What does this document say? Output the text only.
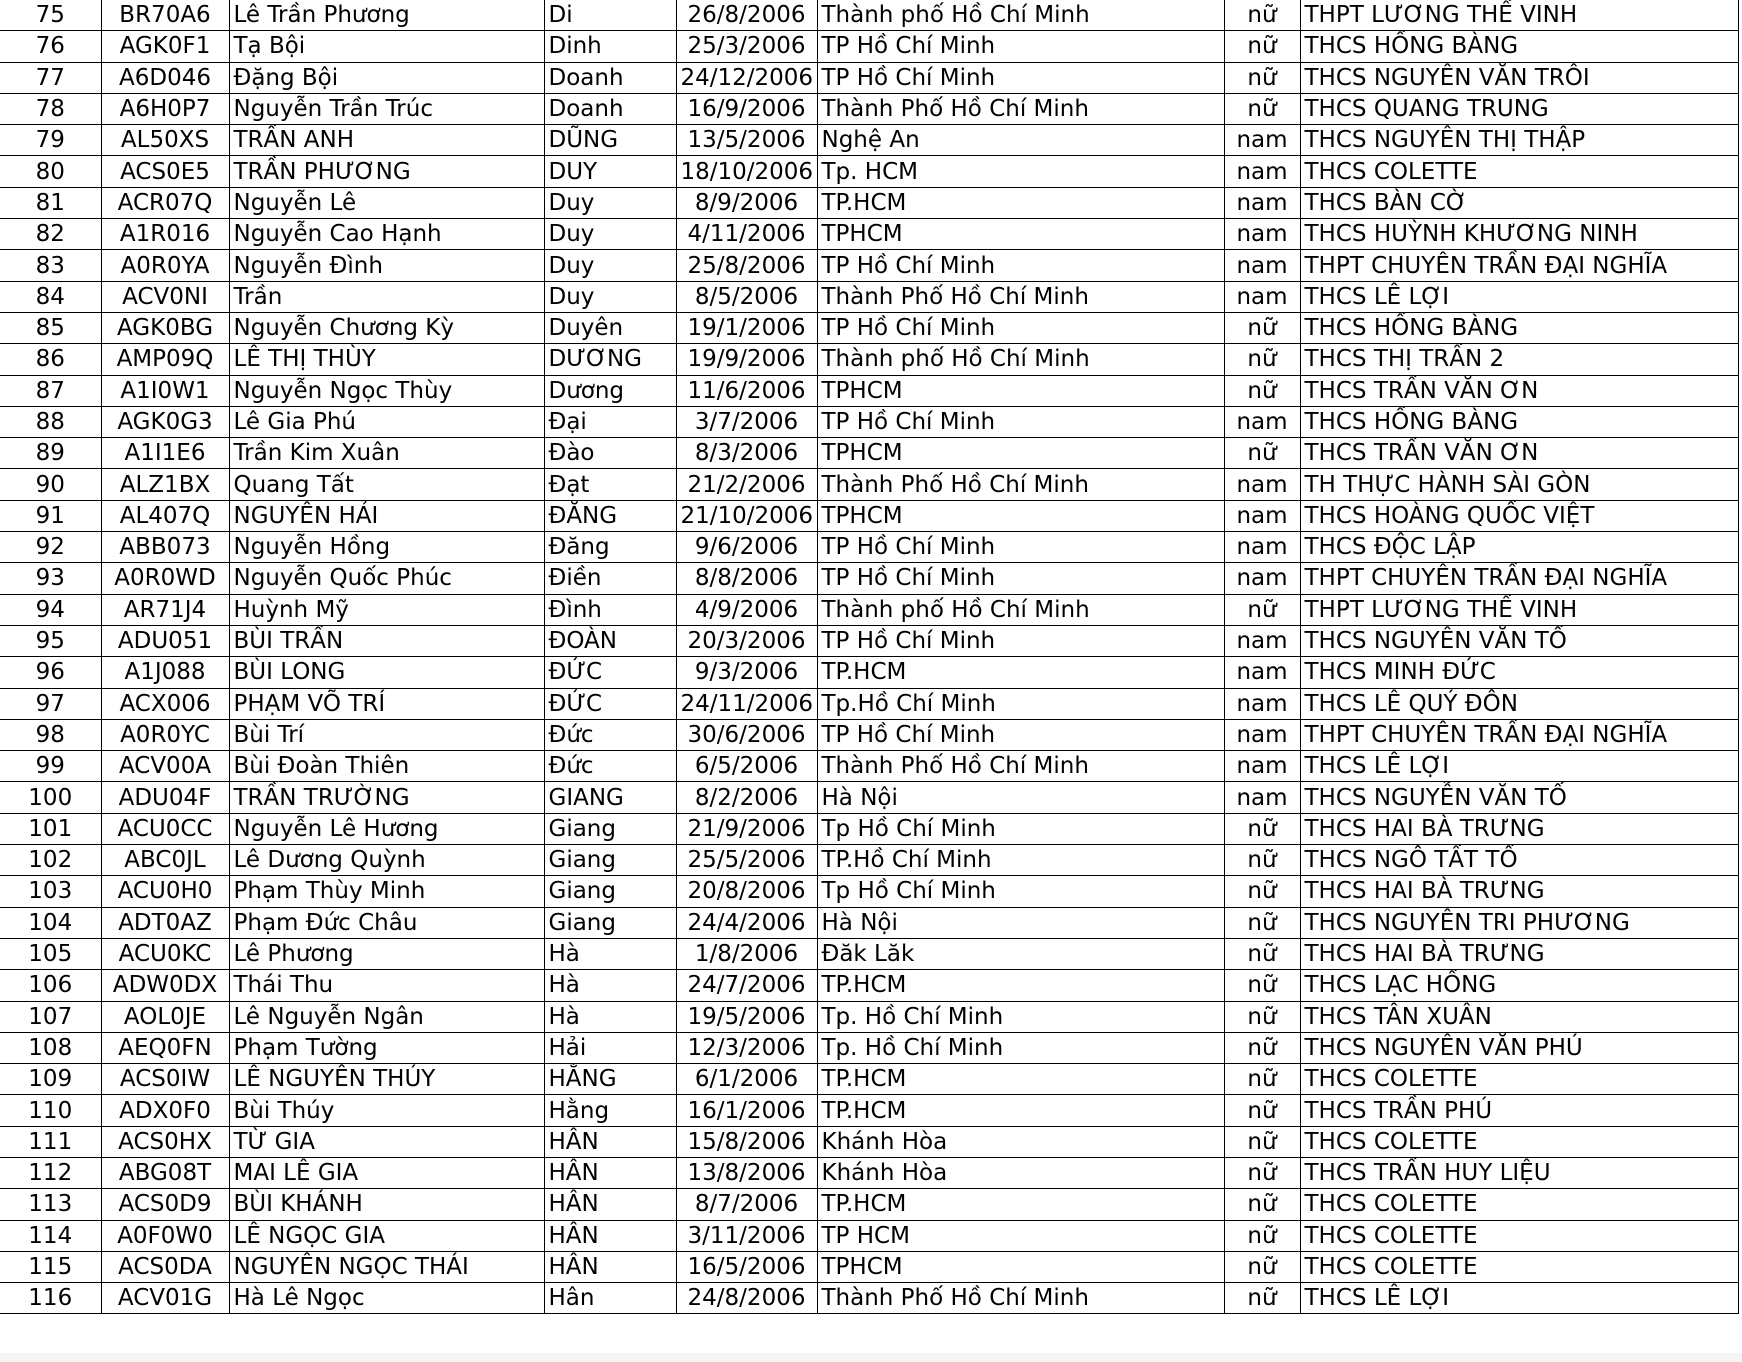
75	BR70A6	Lê Trần Phương	Di	26/8/2006	Thành phố Hồ Chí Minh	nữ	THPT LƯƠNG THẾ VINH
76	AGK0F1	Tạ Bội	Dinh	25/3/2006	TP Hồ Chí Minh	nữ	THCS HỒNG BÀNG
77	A6D046	Đặng Bội	Doanh	24/12/2006	TP Hồ Chí Minh	nữ	THCS NGUYỄN VĂN TRỖI
78	A6H0P7	Nguyễn Trần Trúc	Doanh	16/9/2006	Thành Phố Hồ Chí Minh	nữ	THCS QUANG TRUNG
79	AL50XS	TRẦN ANH	DŨNG	13/5/2006	Nghệ An	nam	THCS NGUYỄN THỊ THẬP
80	ACS0E5	TRẦN PHƯƠNG	DUY	18/10/2006	Tp. HCM	nam	THCS COLETTE
81	ACR07Q	Nguyễn Lê	Duy	8/9/2006	TP.HCM	nam	THCS BÀN CỜ
82	A1R016	Nguyễn Cao Hạnh	Duy	4/11/2006	TPHCM	nam	THCS HUỲNH KHƯƠNG NINH
83	A0R0YA	Nguyễn Đình	Duy	25/8/2006	TP Hồ Chí Minh	nam	THPT CHUYÊN TRẦN ĐẠI NGHĨA
84	ACV0NI	Trần	Duy	8/5/2006	Thành Phố Hồ Chí Minh	nam	THCS LÊ LỢI
85	AGK0BG	Nguyễn Chương Kỳ	Duyên	19/1/2006	TP Hồ Chí Minh	nữ	THCS HỒNG BÀNG
86	AMP09Q	LÊ THỊ THÙY	DƯƠNG	19/9/2006	Thành phố Hồ Chí Minh	nữ	THCS THỊ TRẤN 2
87	A1I0W1	Nguyễn Ngọc Thùy	Dương	11/6/2006	TPHCM	nữ	THCS TRẦN VĂN ƠN
88	AGK0G3	Lê Gia Phú	Đại	3/7/2006	TP Hồ Chí Minh	nam	THCS HỒNG BÀNG
89	A1I1E6	Trần Kim Xuân	Đào	8/3/2006	TPHCM	nữ	THCS TRẦN VĂN ƠN
90	ALZ1BX	Quang Tất	Đạt	21/2/2006	Thành Phố Hồ Chí Minh	nam	TH THỰC HÀNH SÀI GÒN
91	AL407Q	NGUYỄN HẢI	ĐĂNG	21/10/2006	TPHCM	nam	THCS HOÀNG QUỐC VIỆT
92	ABB073	Nguyễn Hồng	Đăng	9/6/2006	TP Hồ Chí Minh	nam	THCS ĐỘC LẬP
93	A0R0WD	Nguyễn Quốc Phúc	Điền	8/8/2006	TP Hồ Chí Minh	nam	THPT CHUYÊN TRẦN ĐẠI NGHĨA
94	AR71J4	Huỳnh Mỹ	Đình	4/9/2006	Thành phố Hồ Chí Minh	nữ	THPT LƯƠNG THẾ VINH
95	ADU051	BÙI TRẦN	ĐOÀN	20/3/2006	TP Hồ Chí Minh	nam	THCS NGUYỄN VĂN TỐ
96	A1J088	BÙI LONG	ĐỨC	9/3/2006	TP.HCM	nam	THCS MINH ĐỨC
97	ACX006	PHẠM VÕ TRÍ	ĐỨC	24/11/2006	Tp.Hồ Chí Minh	nam	THCS LÊ QUÝ ĐÔN
98	A0R0YC	Bùi Trí	Đức	30/6/2006	TP Hồ Chí Minh	nam	THPT CHUYÊN TRẦN ĐẠI NGHĨA
99	ACV00A	Bùi Đoàn Thiên	Đức	6/5/2006	Thành Phố Hồ Chí Minh	nam	THCS LÊ LỢI
100	ADU04F	TRẦN TRƯỜNG	GIANG	8/2/2006	Hà Nội	nam	THCS NGUYỄN VĂN TỐ
101	ACU0CC	Nguyễn Lê Hương	Giang	21/9/2006	Tp Hồ Chí Minh	nữ	THCS HAI BÀ TRƯNG
102	ABC0JL	Lê Dương Quỳnh	Giang	25/5/2006	TP.Hồ Chí Minh	nữ	THCS NGÔ TẤT TỐ
103	ACU0H0	Phạm Thùy Minh	Giang	20/8/2006	Tp Hồ Chí Minh	nữ	THCS HAI BÀ TRƯNG
104	ADT0AZ	Phạm Đức Châu	Giang	24/4/2006	Hà Nội	nữ	THCS NGUYỄN TRI PHƯƠNG
105	ACU0KC	Lê Phương	Hà	1/8/2006	Đăk Lăk	nữ	THCS HAI BÀ TRƯNG
106	ADW0DX	Thái Thu	Hà	24/7/2006	TP.HCM	nữ	THCS LẠC HỒNG
107	AOL0JE	Lê Nguyễn Ngân	Hà	19/5/2006	Tp. Hồ Chí Minh	nữ	THCS TÂN XUÂN
108	AEQ0FN	Phạm Tường	Hải	12/3/2006	Tp. Hồ Chí Minh	nữ	THCS NGUYỄN VĂN PHÚ
109	ACS0IW	LÊ NGUYỄN THÚY	HẰNG	6/1/2006	TP.HCM	nữ	THCS COLETTE
110	ADX0F0	Bùi Thúy	Hằng	16/1/2006	TP.HCM	nữ	THCS TRẦN PHÚ
111	ACS0HX	TỪ GIA	HÂN	15/8/2006	Khánh Hòa	nữ	THCS COLETTE
112	ABG08T	MAI LÊ GIA	HÂN	13/8/2006	Khánh Hòa	nữ	THCS TRẦN HUY LIỆU
113	ACS0D9	BÙI KHÁNH	HÂN	8/7/2006	TP.HCM	nữ	THCS COLETTE
114	A0F0W0	LÊ NGỌC GIA	HÂN	3/11/2006	TP HCM	nữ	THCS COLETTE
115	ACS0DA	NGUYỄN NGỌC THÁI	HÂN	16/5/2006	TPHCM	nữ	THCS COLETTE
116	ACV01G	Hà Lê Ngọc	Hân	24/8/2006	Thành Phố Hồ Chí Minh	nữ	THCS LÊ LỢI
